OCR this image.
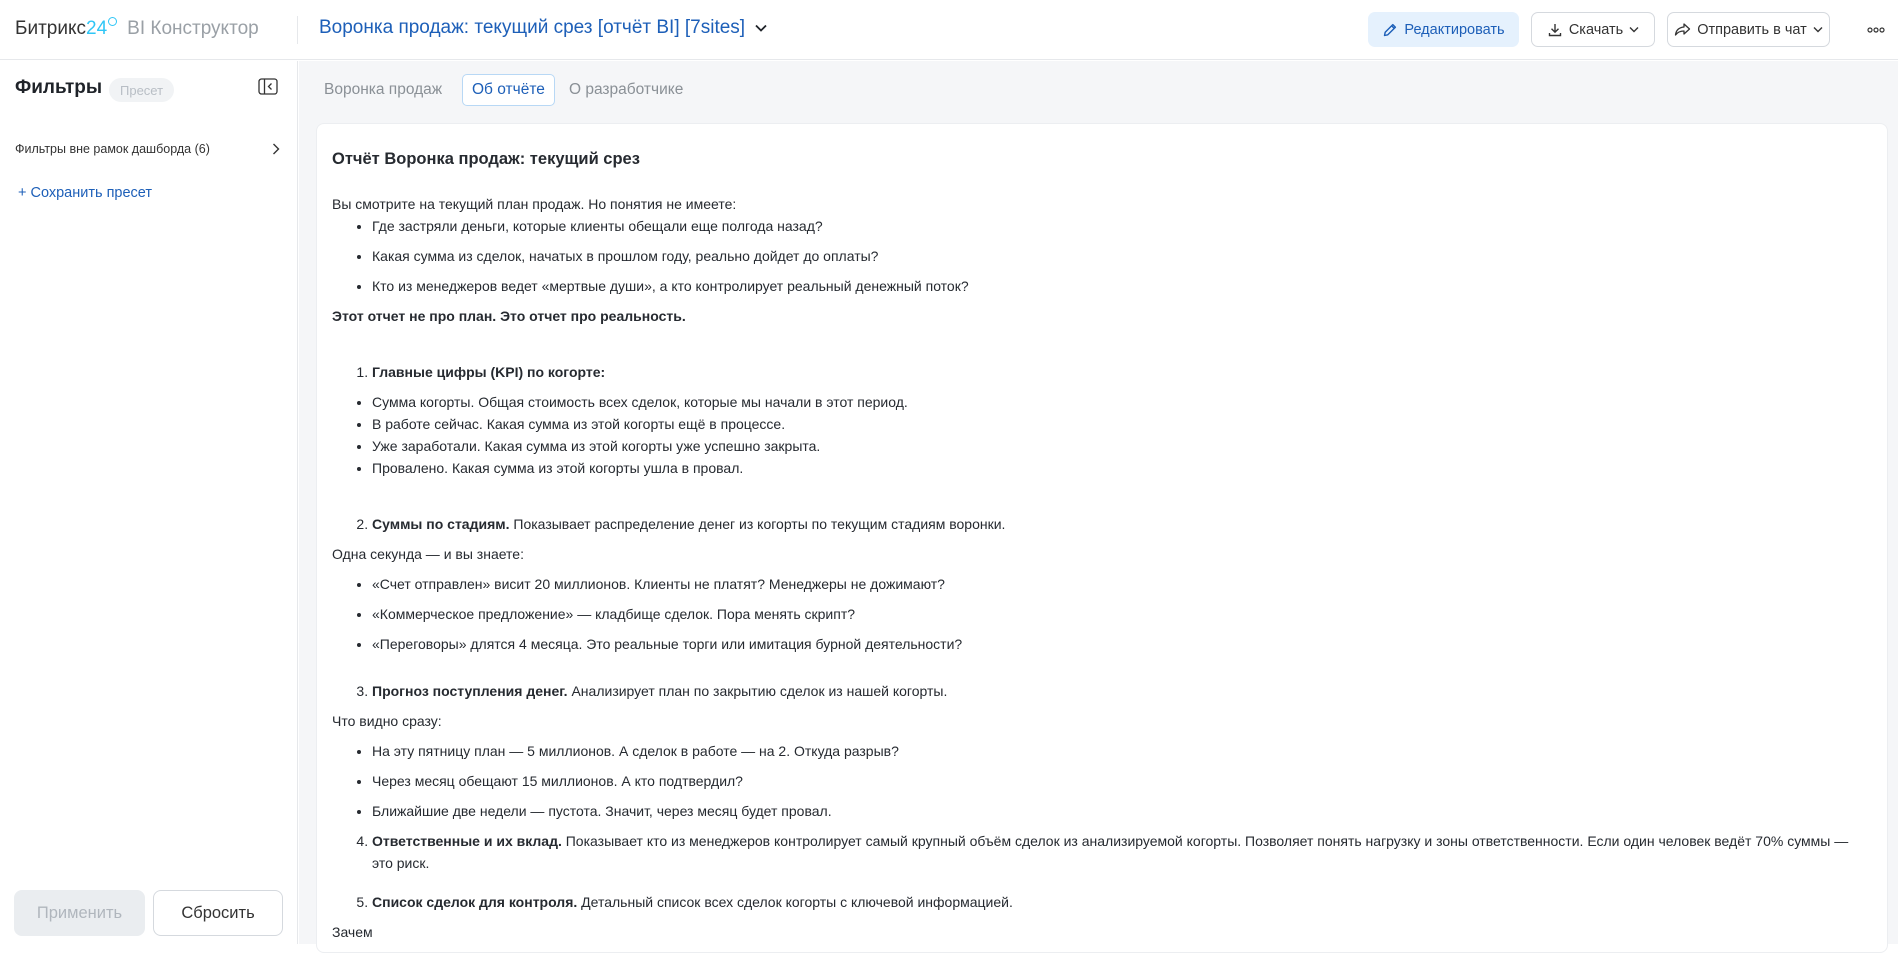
Битрикс 24 BI Конструктор	Воронка продаж: текущий срез [отчёт BI] [7sites]	Редактировать	Скачать	Отправить в чат
Фильтры	Пресет
Фильтры вне рамок дашборда (6)
+ Сохранить пресет
Применить	Сбросить
Воронка продаж	Об отчёте	О разработчике
Отчёт Воронка продаж: текущий срез

Вы смотрите на текущий план продаж. Но понятия не имеете:

• Где застряли деньги, которые клиенты обещали еще полгода назад?
• Какая сумма из сделок, начатых в прошлом году, реально дойдет до оплаты?
• Кто из менеджеров ведет «мертвые души», а кто контролирует реальный денежный поток?

Этот отчет не про план. Это отчет про реальность.

1. Главные цифры (KPI) по когорте:
• Сумма когорты. Общая стоимость всех сделок, которые мы начали в этот период.
• В работе сейчас. Какая сумма из этой когорты ещё в процессе.
• Уже заработали. Какая сумма из этой когорты уже успешно закрыта.
• Провалено. Какая сумма из этой когорты ушла в провал.
2. Суммы по стадиям. Показывает распределение денег из когорты по текущим стадиям воронки.

Одна секунда — и вы знаете:

• «Счет отправлен» висит 20 миллионов. Клиенты не платят? Менеджеры не дожимают?
• «Коммерческое предложение» — кладбище сделок. Пора менять скрипт?
• «Переговоры» длятся 4 месяца. Это реальные торги или имитация бурной деятельности?
3. Прогноз поступления денег. Анализирует план по закрытию сделок из нашей когорты.

Что видно сразу:

• На эту пятницу план — 5 миллионов. А сделок в работе — на 2. Откуда разрыв?
• Через месяц обещают 15 миллионов. А кто подтвердил?
• Ближайшие две недели — пустота. Значит, через месяц будет провал.
4. Ответственные и их вклад. Показывает кто из менеджеров контролирует самый крупный объём сделок из анализируемой когорты. Позволяет понять нагрузку и зоны ответственности. Если один человек ведёт 70% суммы — это риск.
5. Список сделок для контроля. Детальный список всех сделок когорты с ключевой информацией.

Зачем
